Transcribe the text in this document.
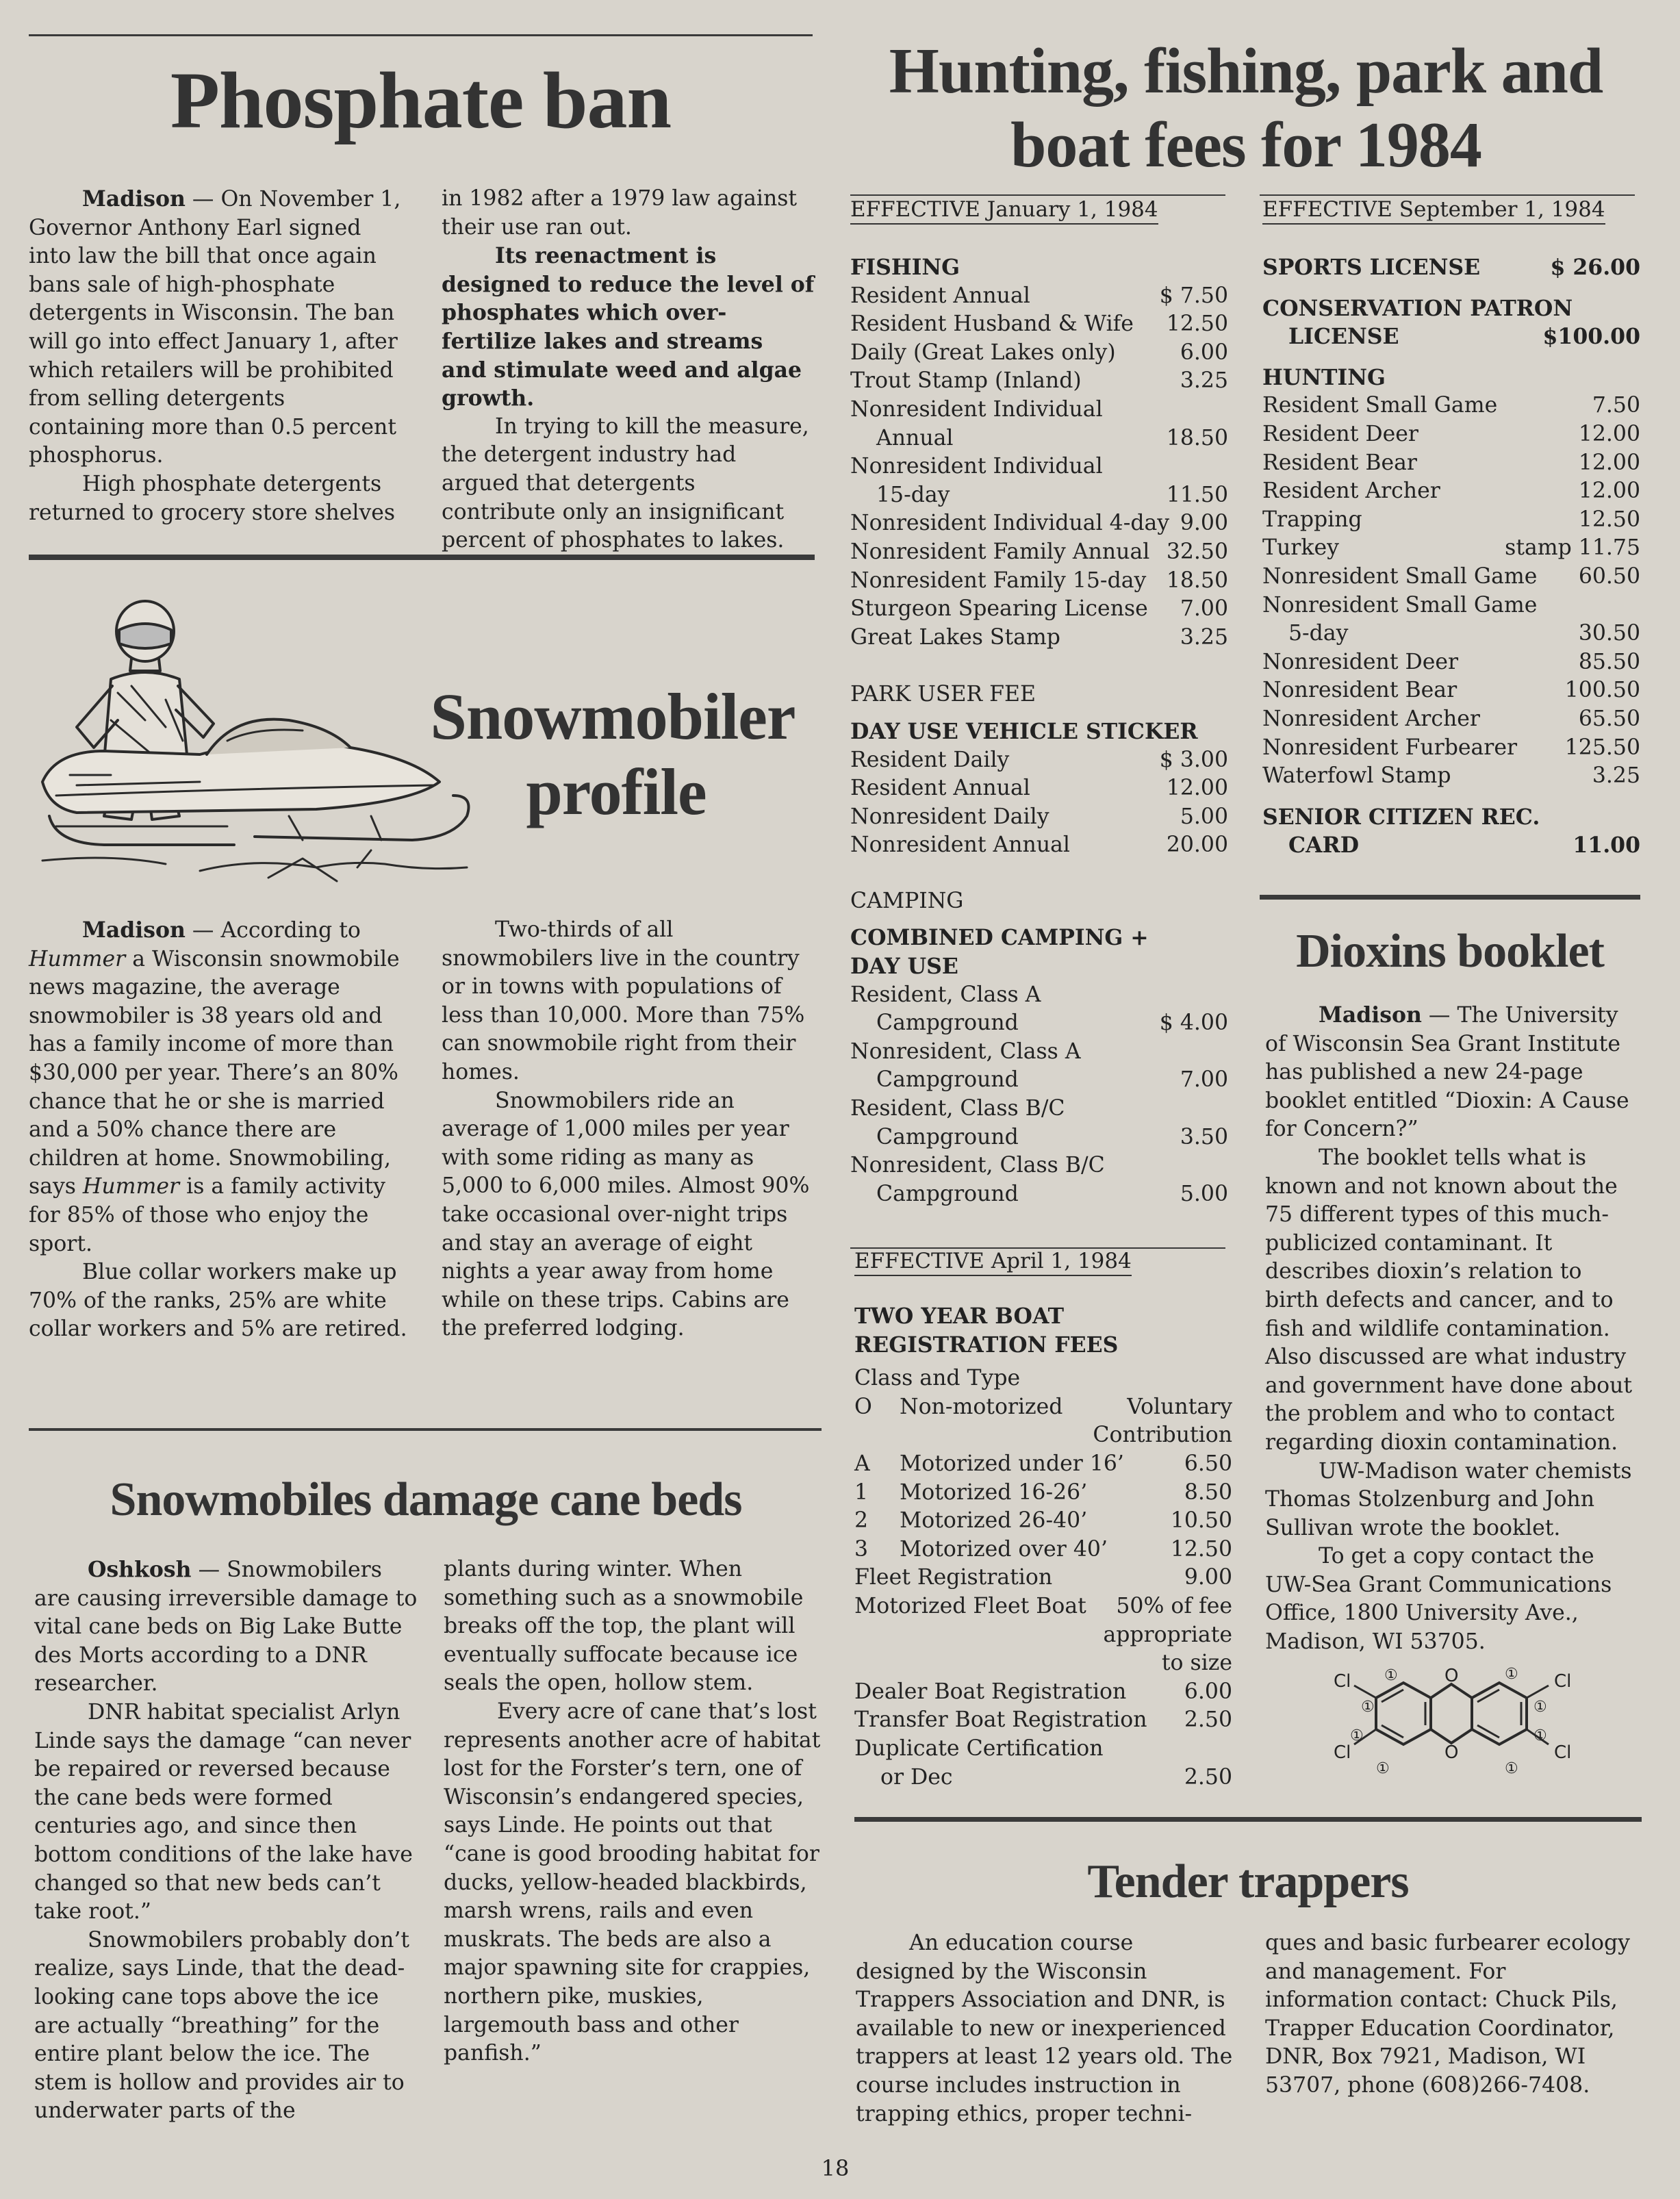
Phosphate ban

Madison — On November 1, Governor Anthony Earl signed into law the bill that once again bans sale of high-phosphate detergents in Wisconsin. The ban will go into effect January 1, after which retailers will be prohibited from selling detergents containing more than 0.5 percent phosphorus.

High phosphate detergents returned to grocery store shelves

in 1982 after a 1979 law against their use ran out.

Its reenactment is designed to reduce the level of phosphates which over-fertilize lakes and streams and stimulate weed and algae growth.

In trying to kill the measure, the detergent industry had argued that detergents contribute only an insignificant percent of phosphates to lakes.

Snowmobiler
profile

Madison — According to Hummer a Wisconsin snowmobile news magazine, the average snowmobiler is 38 years old and has a family income of more than $30,000 per year. There’s an 80% chance that he or she is married and a 50% chance there are children at home. Snowmobiling, says Hummer is a family activity for 85% of those who enjoy the sport.

Blue collar workers make up 70% of the ranks, 25% are white collar workers and 5% are retired.

Two-thirds of all snowmobilers live in the country or in towns with populations of less than 10,000. More than 75% can snowmobile right from their homes.

Snowmobilers ride an average of 1,000 miles per year with some riding as many as 5,000 to 6,000 miles. Almost 90% take occasional over-night trips and stay an average of eight nights a year away from home while on these trips. Cabins are the preferred lodging.

Snowmobiles damage cane beds

Oshkosh — Snowmobilers are causing irreversible damage to vital cane beds on Big Lake Butte des Morts according to a DNR researcher.

DNR habitat specialist Arlyn Linde says the damage “can never be repaired or reversed because the cane beds were formed centuries ago, and since then bottom conditions of the lake have changed so that new beds can’t take root.”

Snowmobilers probably don’t realize, says Linde, that the dead-looking cane tops above the ice are actually “breathing” for the entire plant below the ice. The stem is hollow and provides air to underwater parts of the

plants during winter. When something such as a snowmobile breaks off the top, the plant will eventually suffocate because ice seals the open, hollow stem.

Every acre of cane that’s lost represents another acre of habitat lost for the Forster’s tern, one of Wisconsin’s endangered species, says Linde. He points out that “cane is good brooding habitat for ducks, yellow-headed blackbirds, marsh wrens, rails and even muskrats. The beds are also a major spawning site for crappies, northern pike, muskies, largemouth bass and other panfish.”

Hunting, fishing, park and
boat fees for 1984
EFFECTIVE January 1, 1984
FISHING
Resident Annual	$ 7.50
Resident Husband & Wife 12.50
Daily (Great Lakes only)	6.00
Trout Stamp (Inland)	3.25
Nonresident Individual
Annual	18.50
Nonresident Individual
15-day	11.50
Nonresident Individual 4-day 9.00
Nonresident Family Annual 32.50
Nonresident Family 15-day 18.50
Sturgeon Spearing License 7.00
Great Lakes Stamp	3.25
PARK USER FEE
DAY USE VEHICLE STICKER
Resident Daily	$ 3.00
Resident Annual	12.00
Nonresident Daily	5.00
Nonresident Annual	20.00
CAMPING
COMBINED CAMPING +
DAY USE
Resident, Class A
Campground	$ 4.00
Nonresident, Class A
Campground	7.00
Resident, Class B/C
Campground	3.50
Nonresident, Class B/C
Campground	5.00
EFFECTIVE April 1, 1984
TWO YEAR BOAT
REGISTRATION FEES
Class and Type
O	Non-motorized	Voluntary
Contribution
A	Motorized under 16’	6.50
1	Motorized 16-26’	8.50
2	Motorized 26-40’	10.50
3	Motorized over 40’	12.50
Fleet Registration	9.00
Motorized Fleet Boat 50% of fee
appropriate
to size
Dealer Boat Registration	6.00
Transfer Boat Registration 2.50
Duplicate Certification
or Dec	2.50
EFFECTIVE September 1, 1984
SPORTS LICENSE	$ 26.00
CONSERVATION PATRON
LICENSE	$100.00
HUNTING
Resident Small Game	7.50
Resident Deer	12.00
Resident Bear	12.00
Resident Archer	12.00
Trapping	12.50
Turkey	stamp 11.75
Nonresident Small Game 60.50
Nonresident Small Game
5-day	30.50
Nonresident Deer	85.50
Nonresident Bear	100.50
Nonresident Archer	65.50
Nonresident Furbearer 125.50
Waterfowl Stamp	3.25
SENIOR CITIZEN REC.
CARD	11.00
Dioxins booklet

Madison — The University of Wisconsin Sea Grant Institute has published a new 24-page booklet entitled “Dioxin: A Cause for Concern?”

The booklet tells what is known and not known about the 75 different types of this much-publicized contaminant. It describes dioxin’s relation to birth defects and cancer, and to fish and wildlife contamination. Also discussed are what industry and government have done about the problem and who to contact regarding dioxin contamination.

UW-Madison water chemists Thomas Stolzenburg and John Sullivan wrote the booklet.

To get a copy contact the UW-Sea Grant Communications Office, 1800 University Ave., Madison, WI 53705.

Cl
Cl
Cl
Cl
O
O
①
①
①
①	①
①
①
①
Tender trappers

An education course designed by the Wisconsin Trappers Association and DNR, is available to new or inexperienced trappers at least 12 years old. The course includes instruction in trapping ethics, proper techni-

ques and basic furbearer ecology and management. For information contact: Chuck Pils, Trapper Education Coordinator, DNR, Box 7921, Madison, WI 53707, phone (608)266-7408.

18
